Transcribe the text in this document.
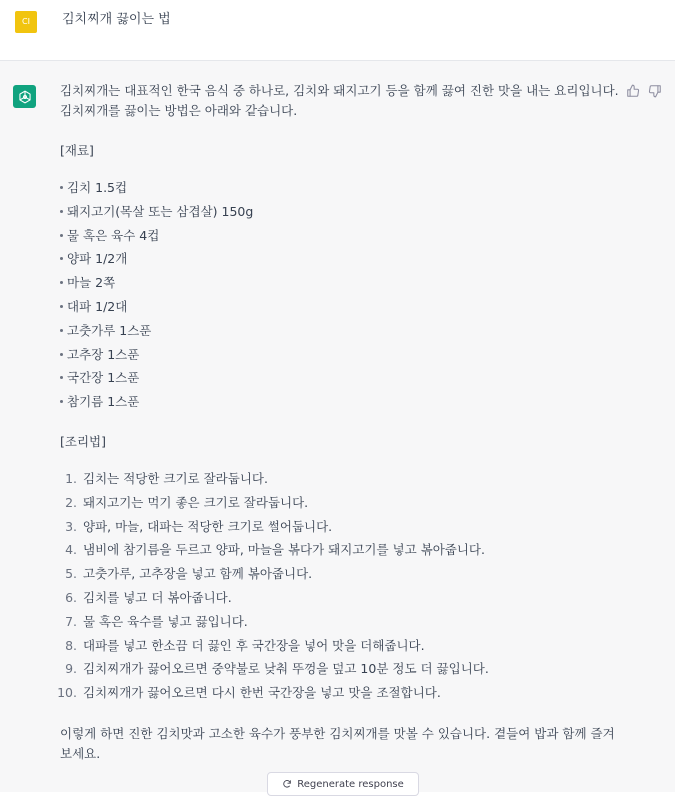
CI	김치찌개 끓이는 법

김치찌개는 대표적인 한국 음식 중 하나로, 김치와 돼지고기 등을 함께 끓여 진한 맛을 내는 요리입니다. 김치찌개를 끓이는 방법은 아래와 같습니다.

[재료]

김치 1.5컵
돼지고기(목살 또는 삼겹살) 150g
물 혹은 육수 4컵
양파 1/2개
마늘 2쪽
대파 1/2대
고춧가루 1스푼
고추장 1스푼
국간장 1스푼
참기름 1스푼

[조리법]

1. 김치는 적당한 크기로 잘라둡니다.
2. 돼지고기는 먹기 좋은 크기로 잘라둡니다.
3. 양파, 마늘, 대파는 적당한 크기로 썰어둡니다.
4. 냄비에 참기름을 두르고 양파, 마늘을 볶다가 돼지고기를 넣고 볶아줍니다.
5. 고춧가루, 고추장을 넣고 함께 볶아줍니다.
6. 김치를 넣고 더 볶아줍니다.
7. 물 혹은 육수를 넣고 끓입니다.
8. 대파를 넣고 한소끔 더 끓인 후 국간장을 넣어 맛을 더해줍니다.
9. 김치찌개가 끓어오르면 중약불로 낮춰 뚜껑을 덮고 10분 정도 더 끓입니다.
10. 김치찌개가 끓어오르면 다시 한번 국간장을 넣고 맛을 조절합니다.

이렇게 하면 진한 김치맛과 고소한 육수가 풍부한 김치찌개를 맛볼 수 있습니다. 곁들여 밥과 함께 즐겨보세요.

Regenerate response
